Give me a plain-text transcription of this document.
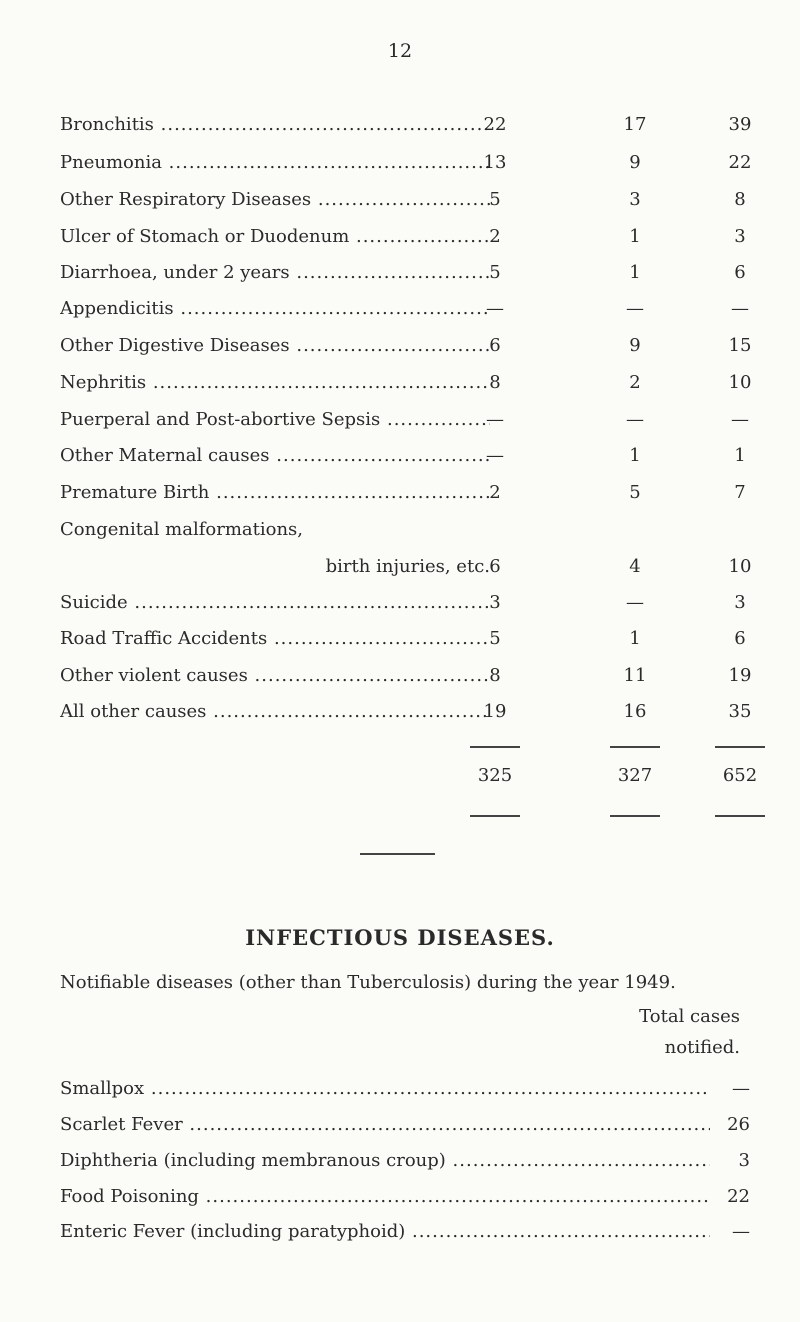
12
Bronchitis .....	22	17	39
Pneumonia .....	13	9	22
Other Respiratory Diseases .....	5	3	8
Ulcer of Stomach or Duodenum .....	2	1	3
Diarrhoea, under 2 years .....	5	1	6
Appendicitis .....	—	—	—
Other Digestive Diseases .....	6	9	15
Nephritis .....	8	2	10
Puerperal and Post-abortive Sepsis .....	—	—	—
Other Maternal causes .....	—	1	1
Premature Birth .....	2	5	7
Congenital malformations,
birth injuries, etc. 6	4	10
Suicide .....	3	—	3
Road Traffic Accidents .....	5	1	6
Other violent causes .....	8	11	19
All other causes .....	19	16	35
325	327	652
INFECTIOUS DISEASES.
Notifiable diseases (other than Tuberculosis) during the year 1949.
Total cases
notified.
Smallpox .....	—
Scarlet Fever .....	26
Diphtheria (including membranous croup) .....	3
Food Poisoning .....	22
Enteric Fever (including paratyphoid) .....	—
